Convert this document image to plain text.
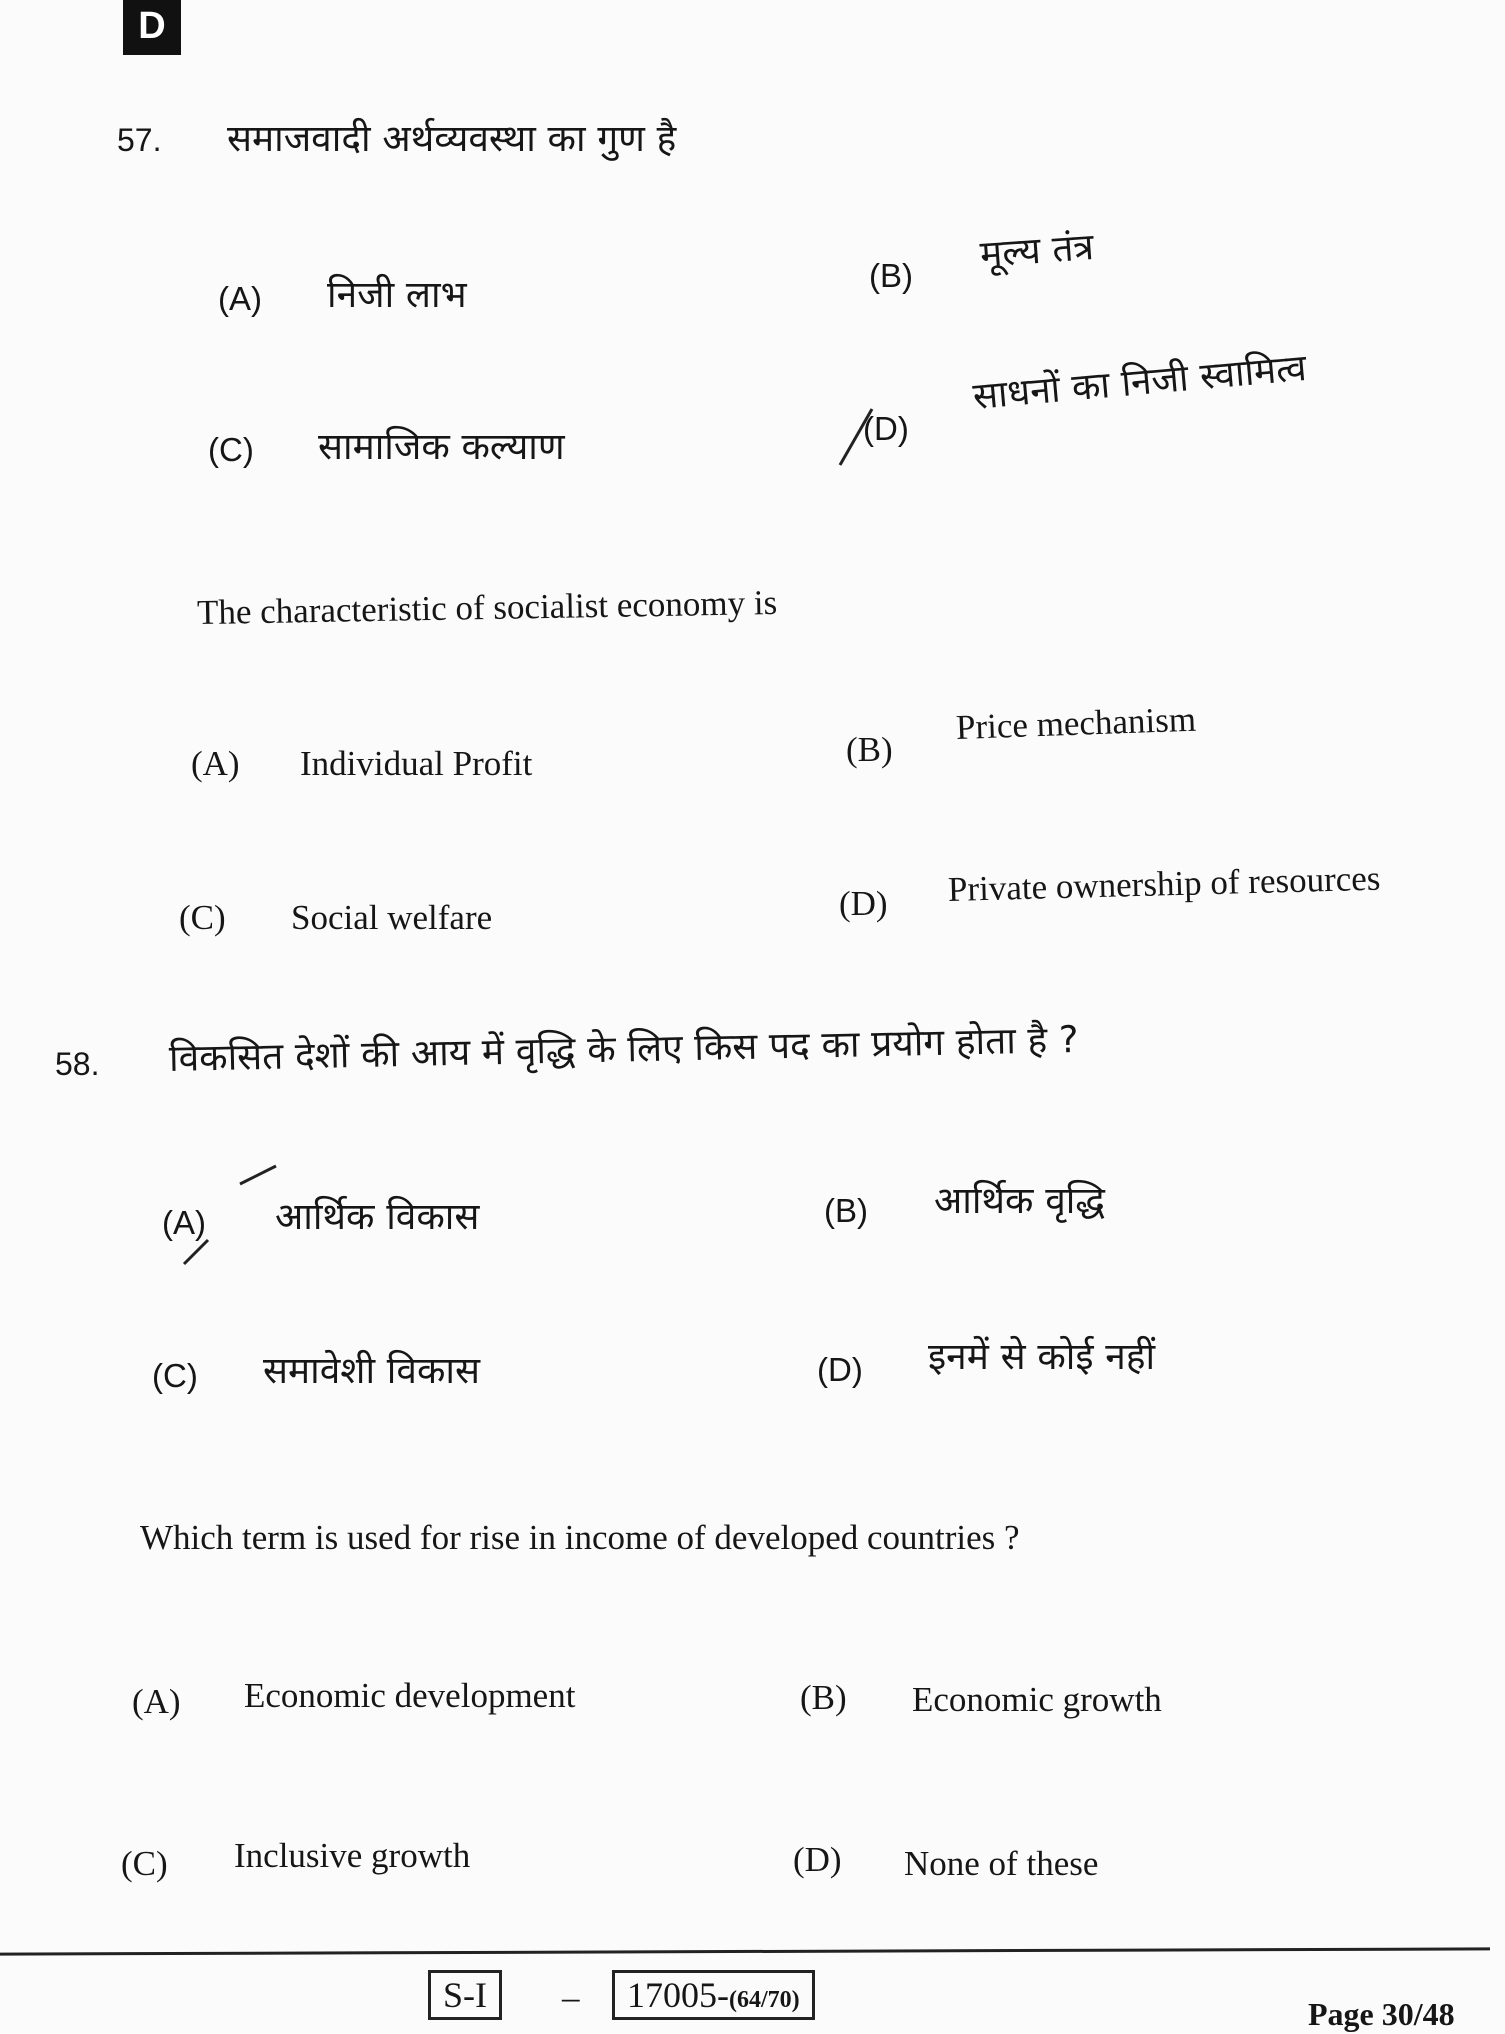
D
57. समाजवादी अर्थव्यवस्था का गुण है
(A) निजी लाभ	(B) मूल्य तंत्र
(C) सामाजिक कल्याण	(D)
साधनों का निजी स्वामित्व
The characteristic of socialist economy is
(A) Individual Profit	(B)
Price mechanism
(C) Social welfare	(D) Private ownership of resources
58. विकसित देशों की आय में वृद्धि के लिए किस पद का प्रयोग होता है ?
(A) आर्थिक विकास	(B) आर्थिक वृद्धि
(C) समावेशी विकास	(D) इनमें से कोई नहीं
Which term is used for rise in income of developed countries ?
(A) Economic development	(B) Economic growth
(C) Inclusive growth	(D) None of these
S-I	–	17005-(64/70)	Page 30/48
